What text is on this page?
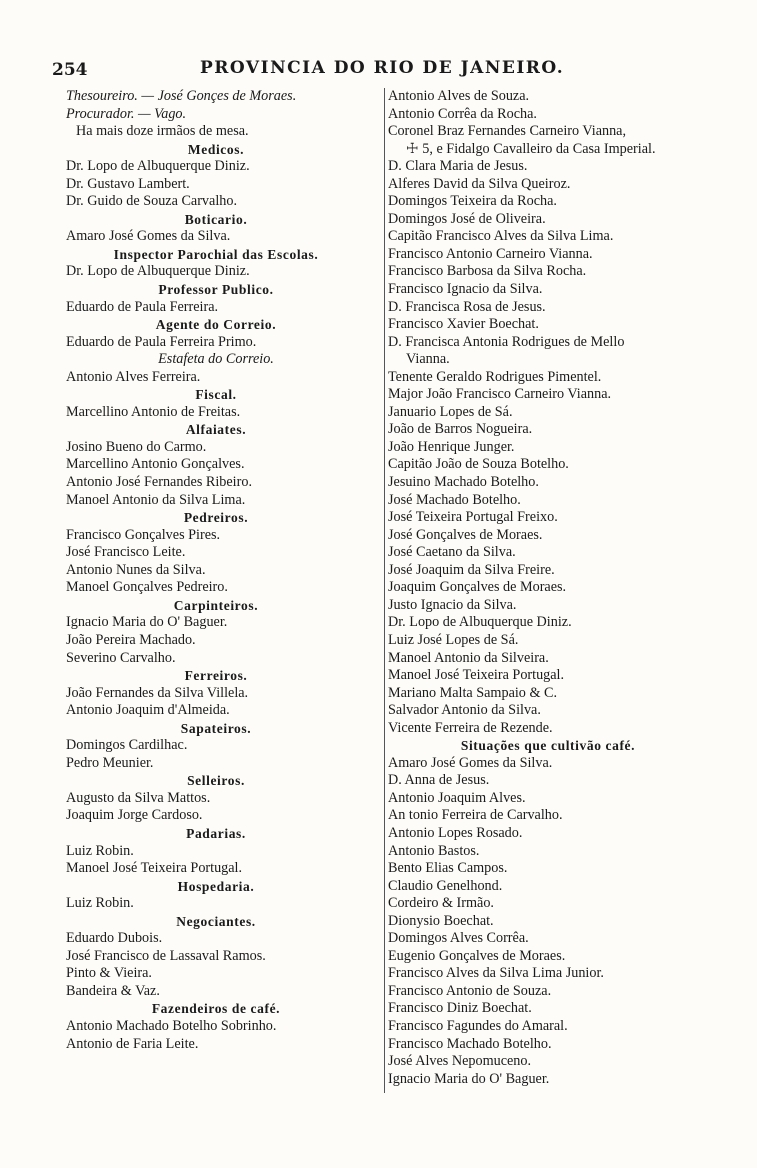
254	PROVINCIA DO RIO DE JANEIRO.
Thesoureiro. — José Gonçes de Moraes.
Procurador. — Vago.
Ha mais doze irmãos de mesa.
Medicos.
Dr. Lopo de Albuquerque Diniz.
Dr. Gustavo Lambert.
Dr. Guido de Souza Carvalho.
Boticario.
Amaro José Gomes da Silva.
Inspector Parochial das Escolas.
Dr. Lopo de Albuquerque Diniz.
Professor Publico.
Eduardo de Paula Ferreira.
Agente do Correio.
Eduardo de Paula Ferreira Primo.
Estafeta do Correio.
Antonio Alves Ferreira.
Fiscal.
Marcellino Antonio de Freitas.
Alfaiates.
Josino Bueno do Carmo.
Marcellino Antonio Gonçalves.
Antonio José Fernandes Ribeiro.
Manoel Antonio da Silva Lima.
Pedreiros.
Francisco Gonçalves Pires.
José Francisco Leite.
Antonio Nunes da Silva.
Manoel Gonçalves Pedreiro.
Carpinteiros.
Ignacio Maria do O' Baguer.
João Pereira Machado.
Severino Carvalho.
Ferreiros.
João Fernandes da Silva Villela.
Antonio Joaquim d'Almeida.
Sapateiros.
Domingos Cardilhac.
Pedro Meunier.
Selleiros.
Augusto da Silva Mattos.
Joaquim Jorge Cardoso.
Padarias.
Luiz Robin.
Manoel José Teixeira Portugal.
Hospedaria.
Luiz Robin.
Negociantes.
Eduardo Dubois.
José Francisco de Lassaval Ramos.
Pinto & Vieira.
Bandeira & Vaz.
Fazendeiros de café.
Antonio Machado Botelho Sobrinho.
Antonio de Faria Leite.
Antonio Alves de Souza.
Antonio Corrêa da Rocha.
Coronel Braz Fernandes Carneiro Vianna,
☩ 5, e Fidalgo Cavalleiro da Casa Imperial.
D. Clara Maria de Jesus.
Alferes David da Silva Queiroz.
Domingos Teixeira da Rocha.
Domingos José de Oliveira.
Capitão Francisco Alves da Silva Lima.
Francisco Antonio Carneiro Vianna.
Francisco Barbosa da Silva Rocha.
Francisco Ignacio da Silva.
D. Francisca Rosa de Jesus.
Francisco Xavier Boechat.
D. Francisca Antonia Rodrigues de Mello
Vianna.
Tenente Geraldo Rodrigues Pimentel.
Major João Francisco Carneiro Vianna.
Januario Lopes de Sá.
João de Barros Nogueira.
João Henrique Junger.
Capitão João de Souza Botelho.
Jesuino Machado Botelho.
José Machado Botelho.
José Teixeira Portugal Freixo.
José Gonçalves de Moraes.
José Caetano da Silva.
José Joaquim da Silva Freire.
Joaquim Gonçalves de Moraes.
Justo Ignacio da Silva.
Dr. Lopo de Albuquerque Diniz.
Luiz José Lopes de Sá.
Manoel Antonio da Silveira.
Manoel José Teixeira Portugal.
Mariano Malta Sampaio & C.
Salvador Antonio da Silva.
Vicente Ferreira de Rezende.
Situações que cultivão café.
Amaro José Gomes da Silva.
D. Anna de Jesus.
Antonio Joaquim Alves.
An tonio Ferreira de Carvalho.
Antonio Lopes Rosado.
Antonio Bastos.
Bento Elias Campos.
Claudio Genelhond.
Cordeiro & Irmão.
Dionysio Boechat.
Domingos Alves Corrêa.
Eugenio Gonçalves de Moraes.
Francisco Alves da Silva Lima Junior.
Francisco Antonio de Souza.
Francisco Diniz Boechat.
Francisco Fagundes do Amaral.
Francisco Machado Botelho.
José Alves Nepomuceno.
Ignacio Maria do O' Baguer.
